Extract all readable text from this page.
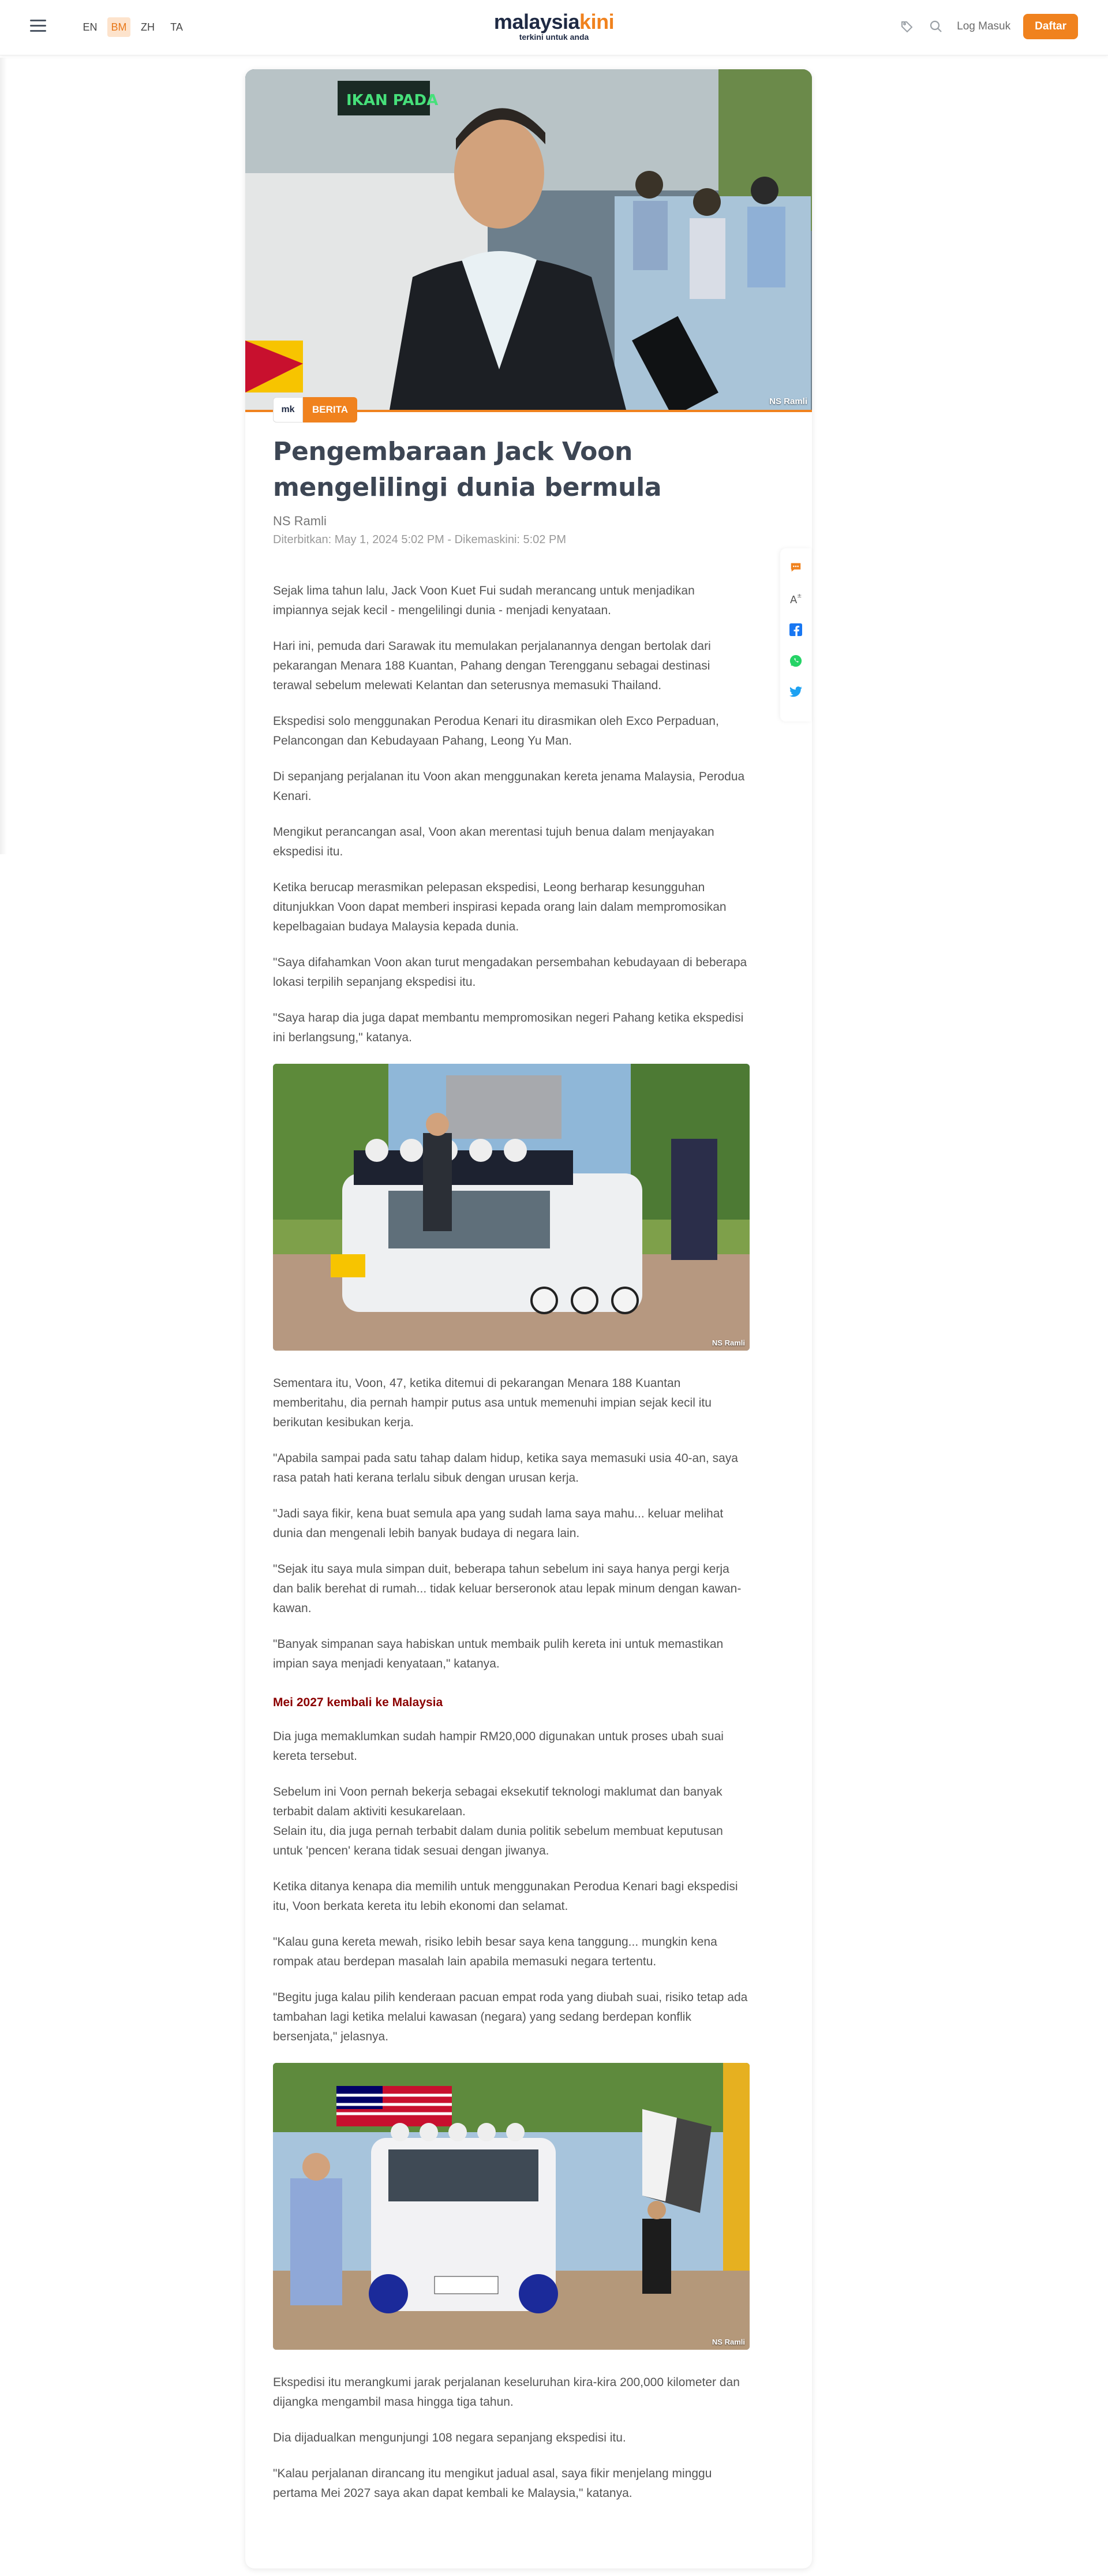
EN	BM	ZH	TA	malaysiakini
terkini untuk anda
Log Masuk	Daftar
IKAN PADA
NS Ramli
mk	BERITA
Pengembaraan Jack Voon mengelilingi dunia bermula
NS Ramli
Diterbitkan: May 1, 2024 5:02 PM - Dikemaskini: 5:02 PM

Sejak lima tahun lalu, Jack Voon Kuet Fui sudah merancang untuk menjadikan impiannya sejak kecil - mengelilingi dunia - menjadi kenyataan.

Hari ini, pemuda dari Sarawak itu memulakan perjalanannya dengan bertolak dari pekarangan Menara 188 Kuantan, Pahang dengan Terengganu sebagai destinasi terawal sebelum melewati Kelantan dan seterusnya memasuki Thailand.

Ekspedisi solo menggunakan Perodua Kenari itu dirasmikan oleh Exco Perpaduan, Pelancongan dan Kebudayaan Pahang, Leong Yu Man.

Di sepanjang perjalanan itu Voon akan menggunakan kereta jenama Malaysia, Perodua Kenari.

Mengikut perancangan asal, Voon akan merentasi tujuh benua dalam menjayakan ekspedisi itu.

Ketika berucap merasmikan pelepasan ekspedisi, Leong berharap kesungguhan ditunjukkan Voon dapat memberi inspirasi kepada orang lain dalam mempromosikan kepelbagaian budaya Malaysia kepada dunia.

"Saya difahamkan Voon akan turut mengadakan persembahan kebudayaan di beberapa lokasi terpilih sepanjang ekspedisi itu.

"Saya harap dia juga dapat membantu mempromosikan negeri Pahang ketika ekspedisi ini berlangsung," katanya.

NS Ramli

Sementara itu, Voon, 47, ketika ditemui di pekarangan Menara 188 Kuantan memberitahu, dia pernah hampir putus asa untuk memenuhi impian sejak kecil itu berikutan kesibukan kerja.

"Apabila sampai pada satu tahap dalam hidup, ketika saya memasuki usia 40-an, saya rasa patah hati kerana terlalu sibuk dengan urusan kerja.

"Jadi saya fikir, kena buat semula apa yang sudah lama saya mahu... keluar melihat dunia dan mengenali lebih banyak budaya di negara lain.

"Sejak itu saya mula simpan duit, beberapa tahun sebelum ini saya hanya pergi kerja dan balik berehat di rumah... tidak keluar berseronok atau lepak minum dengan kawan-kawan.

"Banyak simpanan saya habiskan untuk membaik pulih kereta ini untuk memastikan impian saya menjadi kenyataan," katanya.

Mei 2027 kembali ke Malaysia

Dia juga memaklumkan sudah hampir RM20,000 digunakan untuk proses ubah suai kereta tersebut.

Sebelum ini Voon pernah bekerja sebagai eksekutif teknologi maklumat dan banyak terbabit dalam aktiviti kesukarelaan.

Selain itu, dia juga pernah terbabit dalam dunia politik sebelum membuat keputusan untuk 'pencen' kerana tidak sesuai dengan jiwanya.

Ketika ditanya kenapa dia memilih untuk menggunakan Perodua Kenari bagi ekspedisi itu, Voon berkata kereta itu lebih ekonomi dan selamat.

"Kalau guna kereta mewah, risiko lebih besar saya kena tanggung... mungkin kena rompak atau berdepan masalah lain apabila memasuki negara tertentu.

"Begitu juga kalau pilih kenderaan pacuan empat roda yang diubah suai, risiko tetap ada tambahan lagi ketika melalui kawasan (negara) yang sedang berdepan konflik bersenjata," jelasnya.

NS Ramli

Ekspedisi itu merangkumi jarak perjalanan keseluruhan kira-kira 200,000 kilometer dan dijangka mengambil masa hingga tiga tahun.

Dia dijadualkan mengunjungi 108 negara sepanjang ekspedisi itu.

"Kalau perjalanan dirancang itu mengikut jadual asal, saya fikir menjelang minggu pertama Mei 2027 saya akan dapat kembali ke Malaysia," katanya.

A ±
